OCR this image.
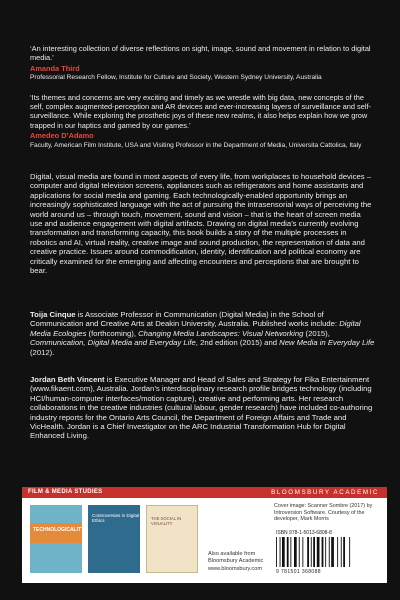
‘An interesting collection of diverse reflections on sight, image, sound and movement in relation to digital media.’
Amanda Third
Professorial Research Fellow, Institute for Culture and Society, Western Sydney University, Australia
‘Its themes and concerns are very exciting and timely as we wrestle with big data, new concepts of the self, complex augmented-perception and AR devices and ever-increasing layers of surveillance and self-surveillance. While exploring the prosthetic joys of these new realms, it also helps explain how we grow trapped in our haptics and gamed by our games.’
Amedeo D’Adamo
Faculty, American Film Institute, USA and Visiting Professor in the Department of Media, Universita Cattolica, Italy
Digital, visual media are found in most aspects of every life, from workplaces to household devices – computer and digital television screens, appliances such as refrigerators and home assistants and applications for social media and gaming. Each technologically-enabled opportunity brings an increasingly sophisticated language with the act of pursuing the intrasensorial ways of perceiving the world around us – through touch, movement, sound and vision – that is the heart of screen media use and audience engagement with digital artifacts. Drawing on digital media’s currently evolving transformation and transforming capacity, this book builds a story of the multiple processes in robotics and AI, virtual reality, creative image and sound production, the representation of data and creative practice. Issues around commodification, identity, identification and political economy are critically examined for the emerging and affecting encounters and perceptions that are brought to bear.
Toija Cinque is Associate Professor in Communication (Digital Media) in the School of Communication and Creative Arts at Deakin University, Australia. Published works include: Digital Media Ecologies (forthcoming), Changing Media Landscapes: Visual Networking (2015), Communication, Digital Media and Everyday Life, 2nd edition (2015) and New Media in Everyday Life (2012).
Jordan Beth Vincent is Executive Manager and Head of Sales and Strategy for Fika Entertainment (www.fikaent.com), Australia. Jordan’s interdisciplinary research profile bridges technology (including HCI/human-computer interfaces/motion capture), creative and performing arts. Her research collaborations in the creative industries (cultural labour, gender research) have included co-authoring industry reports for the Ontario Arts Council, the Department of Foreign Affairs and Trade and VicHealth. Jordan is a Chief Investigator on the ARC Industrial Transformation Hub for Digital Enhanced Living.
FILM & MEDIA STUDIES	BLOOMSBURY ACADEMIC
TECHNOLOGICALITY
Controversies in Digital Ethics	THE SOCIAL IN VISUALITY
Also available from Bloomsbury Academic
www.bloomsbury.com
Cover image: Scanner Sombre (2017) by Introversion Software. Courtesy of the developer, Mark Morris
ISBN 978-1-5013-6808-8
9 781501 368088
